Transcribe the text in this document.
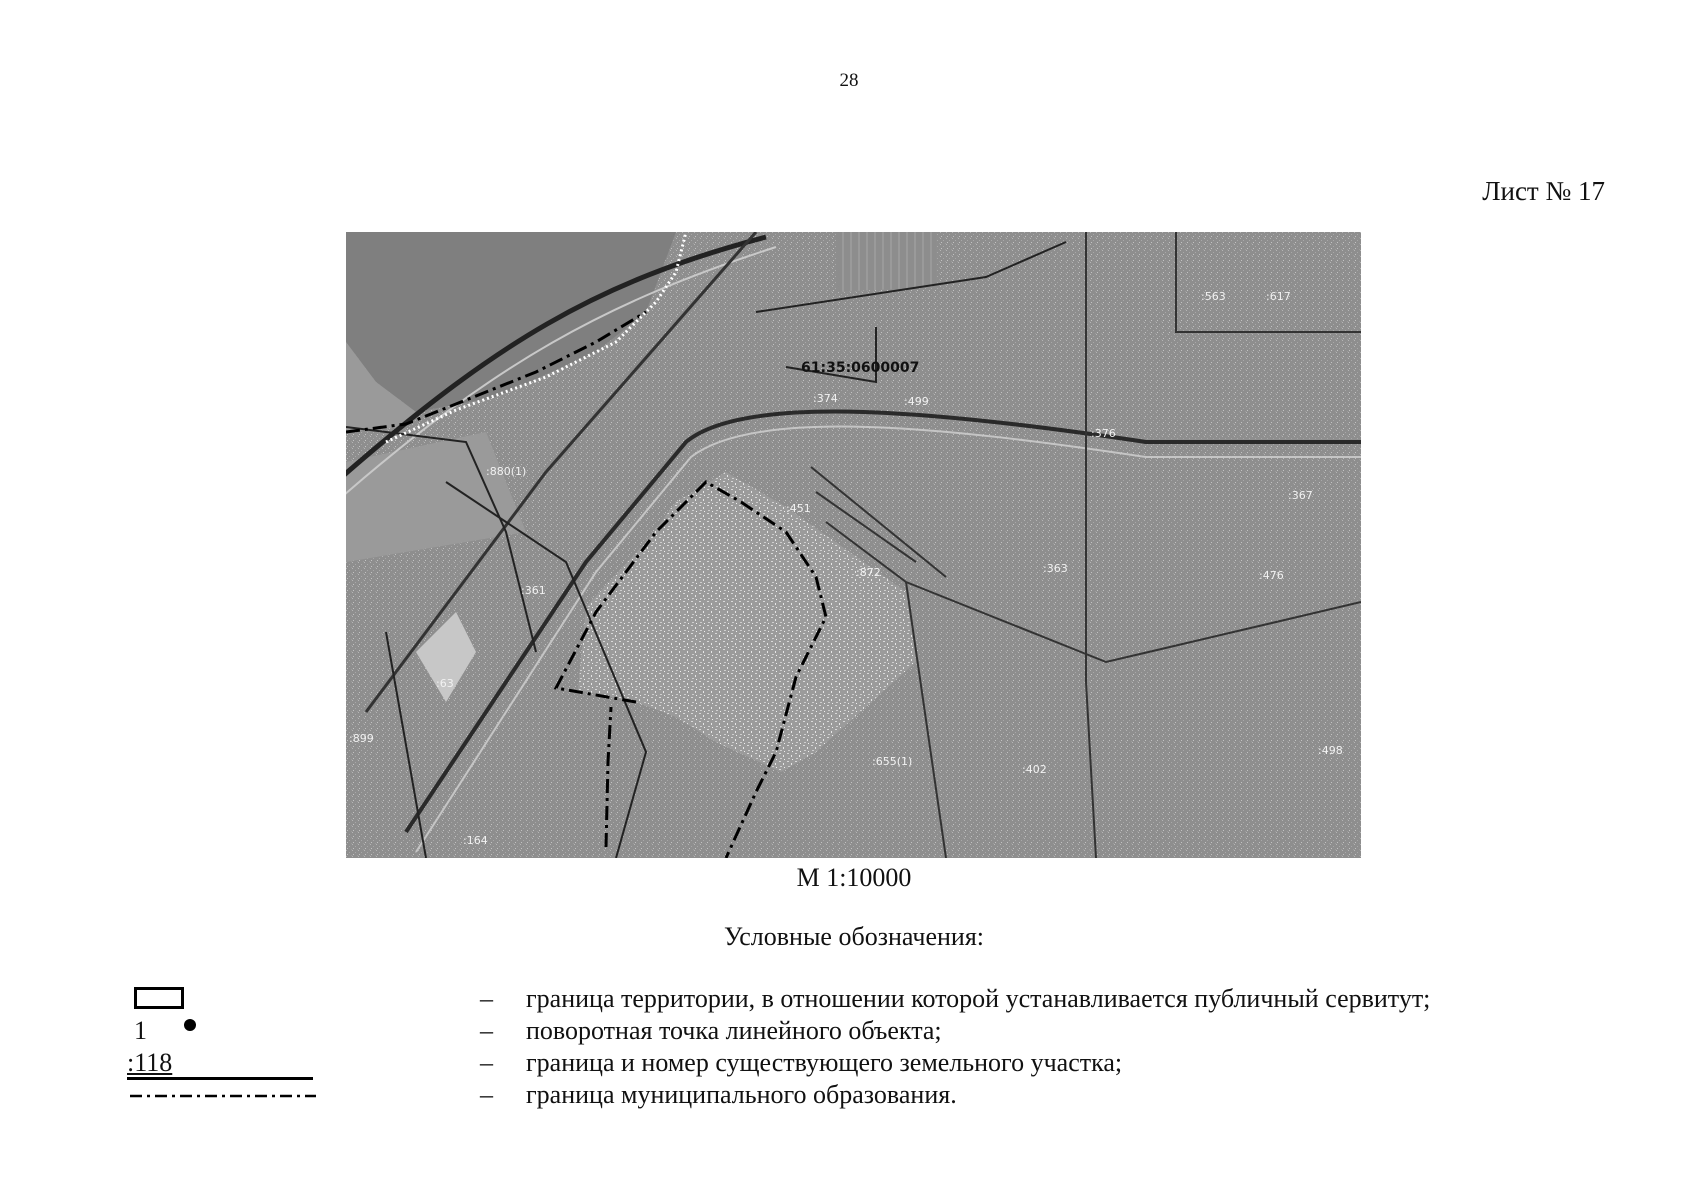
28
Лист № 17
61:35:0600007
:563	:617
:374	:499
:376
:880(1)
:451
:367
:872	:363
:476
:361
:63
:899
:655(1)
:402
:498
:164
М 1:10000
Условные обозначения:
– граница территории, в отношении которой устанавливается публичный сервитут;
1	– поворотная точка линейного объекта;
:118	– граница и номер существующего земельного участка;
– граница муниципального образования.
